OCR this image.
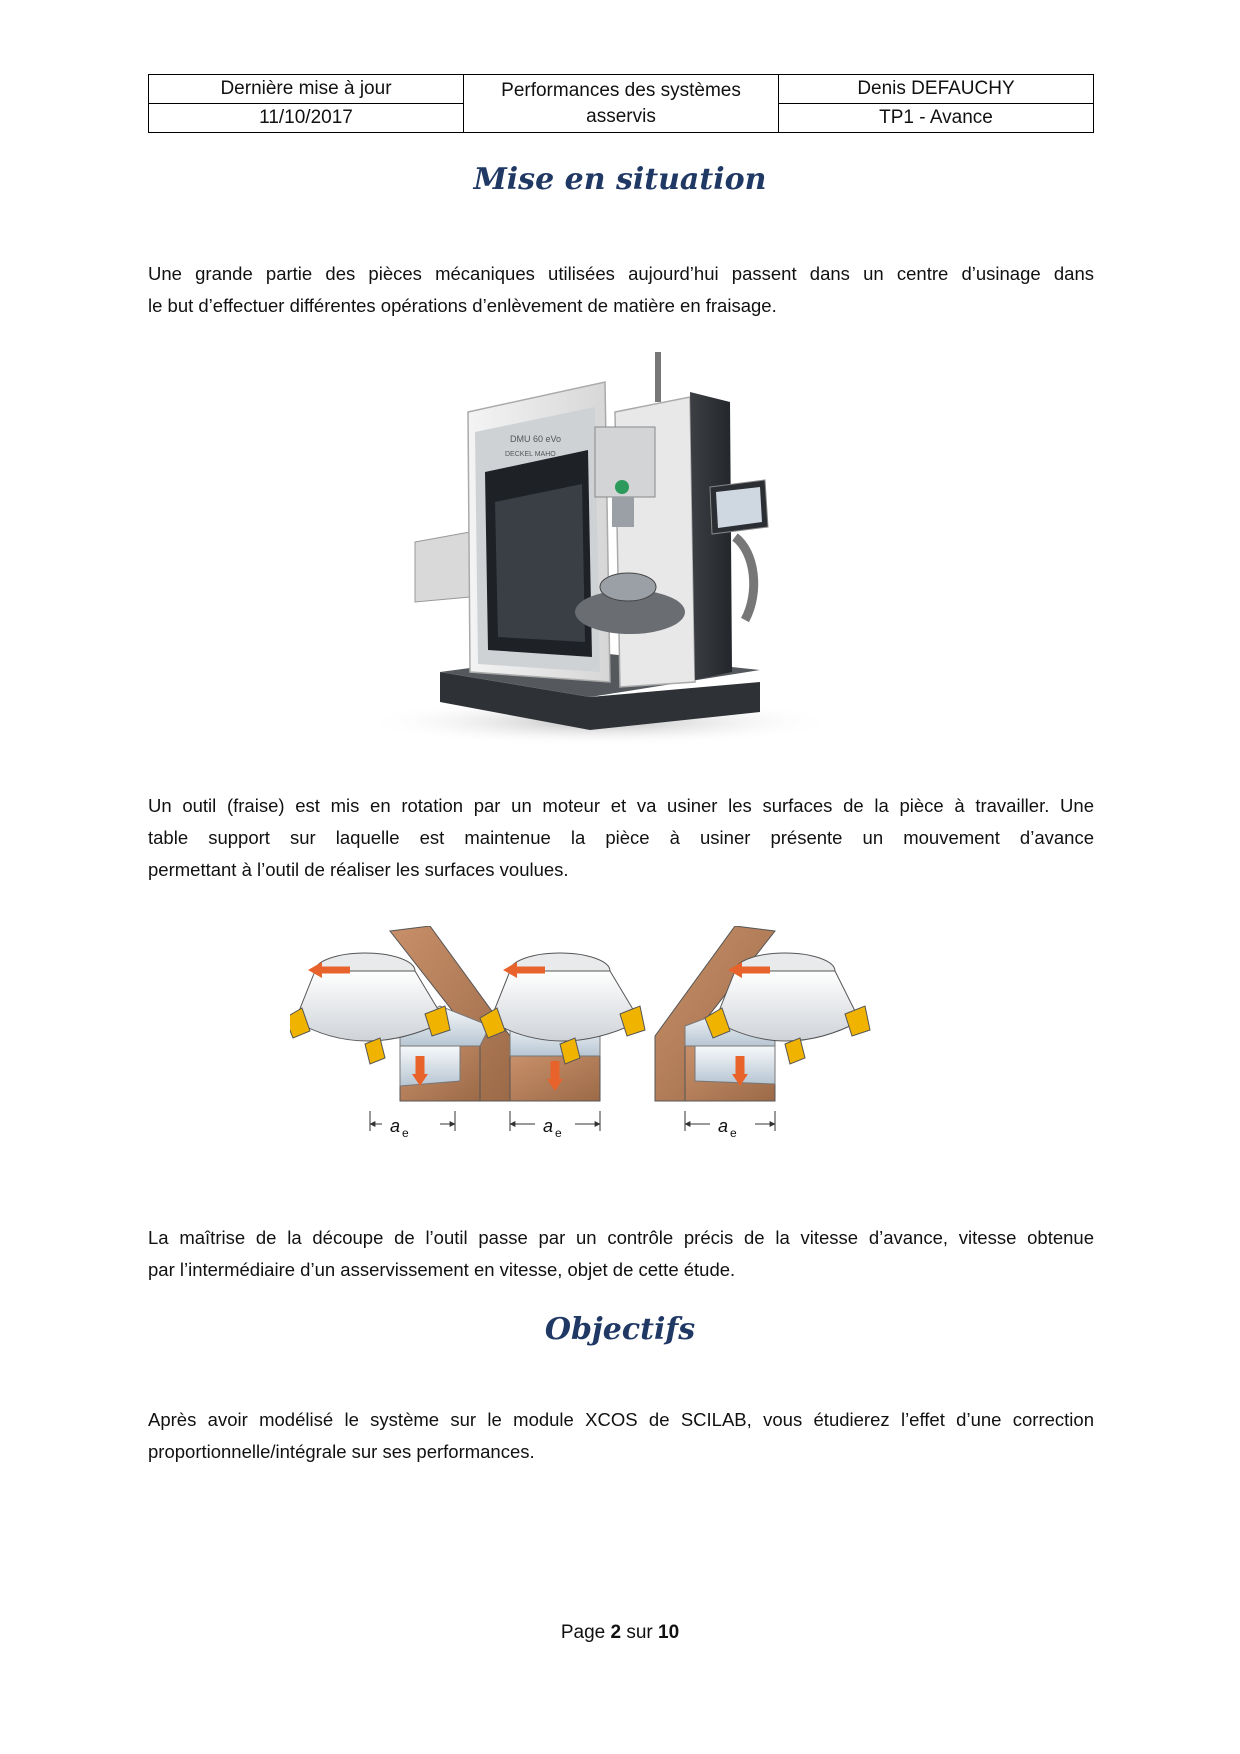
Dernière mise à jour	Performances des systèmes asservis	Denis DEFAUCHY
11/10/2017		TP1 - Avance
Mise en situation
Une grande partie des pièces mécaniques utilisées aujourd’hui passent dans un centre d’usinage dans
le but d’effectuer différentes opérations d’enlèvement de matière en fraisage.
DMU 60 eVo
DECKEL MAHO
Un outil (fraise) est mis en rotation par un moteur et va usiner les surfaces de la pièce à travailler. Une
table support sur laquelle est maintenue la pièce à usiner présente un mouvement d’avance
permettant à l’outil de réaliser les surfaces voulues.
a e	a e	a e
La maîtrise de la découpe de l’outil passe par un contrôle précis de la vitesse d’avance, vitesse obtenue
par l’intermédiaire d’un asservissement en vitesse, objet de cette étude.
Objectifs
Après avoir modélisé le système sur le module XCOS de SCILAB, vous étudierez l’effet d’une correction
proportionnelle/intégrale sur ses performances.
Page 2 sur 10
